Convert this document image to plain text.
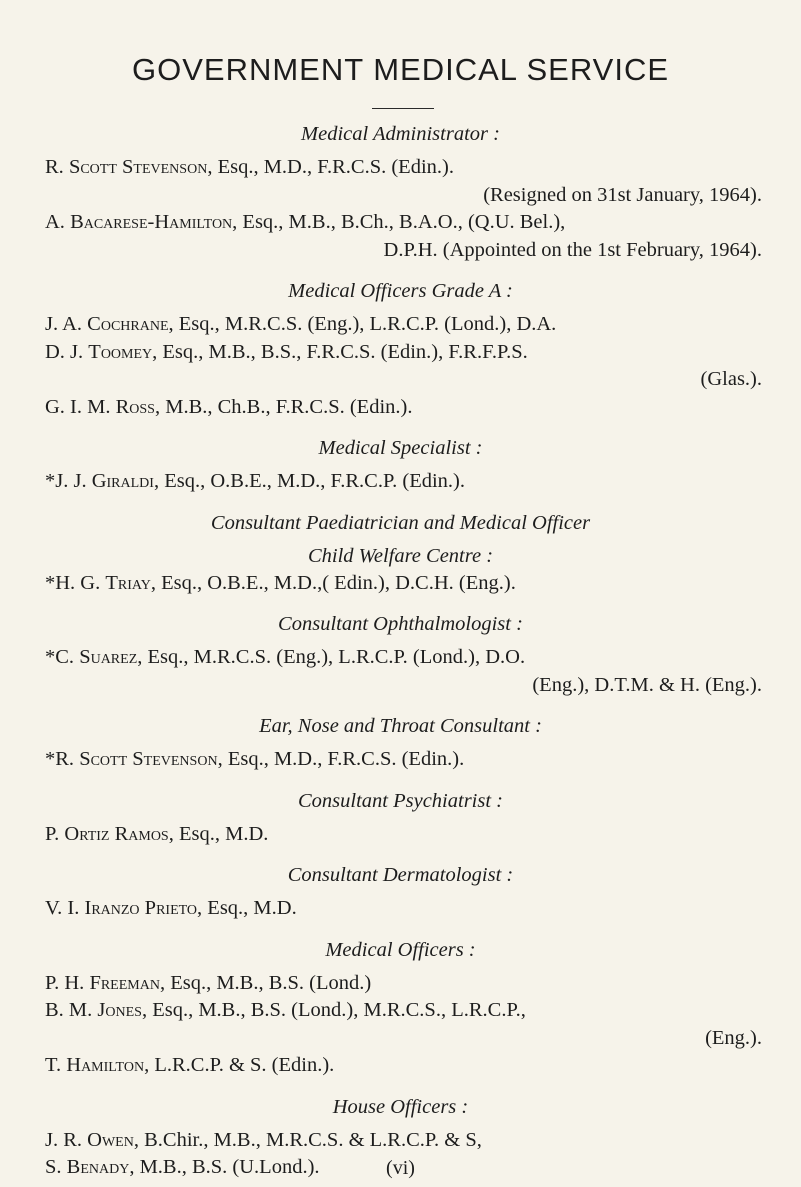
GOVERNMENT MEDICAL SERVICE
Medical Administrator :
R. Scott Stevenson, Esq., M.D., F.R.C.S. (Edin.).
(Resigned on 31st January, 1964).
A. Bacarese-Hamilton, Esq., M.B., B.Ch., B.A.O., (Q.U. Bel.),
D.P.H. (Appointed on the 1st February, 1964).
Medical Officers Grade A :
J. A. Cochrane, Esq., M.R.C.S. (Eng.), L.R.C.P. (Lond.), D.A.
D. J. Toomey, Esq., M.B., B.S., F.R.C.S. (Edin.), F.R.F.P.S.
(Glas.).
G. I. M. Ross, M.B., Ch.B., F.R.C.S. (Edin.).
Medical Specialist :
*J. J. Giraldi, Esq., O.B.E., M.D., F.R.C.P. (Edin.).
Consultant Paediatrician and Medical Officer
Child Welfare Centre :
*H. G. Triay, Esq., O.B.E., M.D.,( Edin.), D.C.H. (Eng.).
Consultant Ophthalmologist :
*C. Suarez, Esq., M.R.C.S. (Eng.), L.R.C.P. (Lond.), D.O.
(Eng.), D.T.M. & H. (Eng.).
Ear, Nose and Throat Consultant :
*R. Scott Stevenson, Esq., M.D., F.R.C.S. (Edin.).
Consultant Psychiatrist :
P. Ortiz Ramos, Esq., M.D.
Consultant Dermatologist :
V. I. Iranzo Prieto, Esq., M.D.
Medical Officers :
P. H. Freeman, Esq., M.B., B.S. (Lond.)
B. M. Jones, Esq., M.B., B.S. (Lond.), M.R.C.S., L.R.C.P.,
(Eng.).
T. Hamilton, L.R.C.P. & S. (Edin.).
House Officers :
J. R. Owen, B.Chir., M.B., M.R.C.S. & L.R.C.P. & S,
S. Benady, M.B., B.S. (U.Lond.).	(vi)
